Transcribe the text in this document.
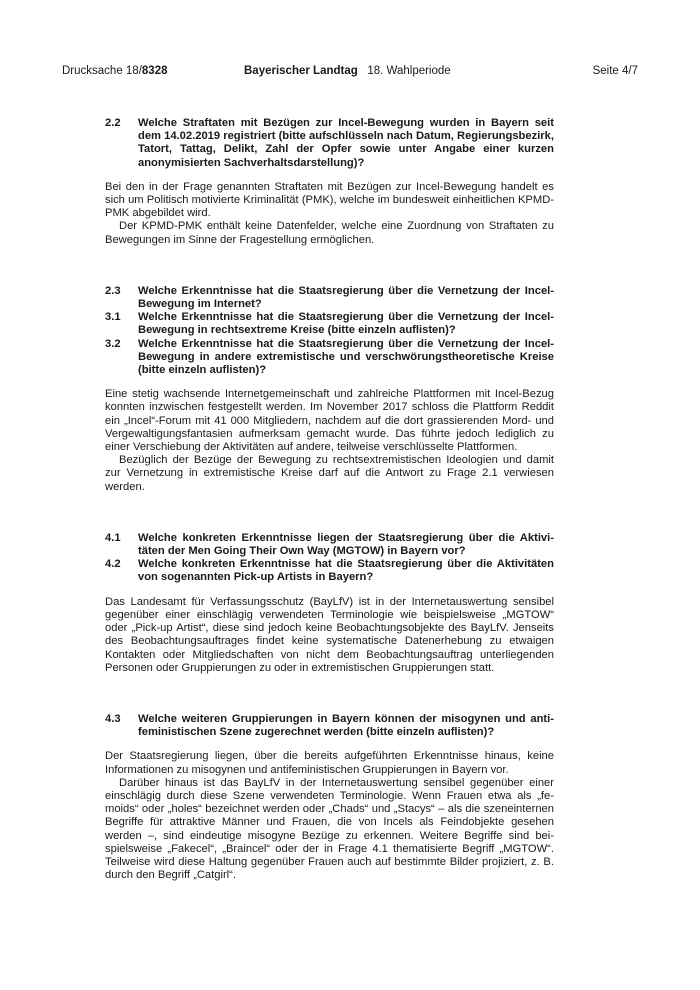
Drucksache 18/8328	Bayerischer Landtag 18. Wahlperiode	Seite 4/7
2.2	Welche Straftaten mit Bezügen zur Incel-Bewegung wurden in Bayern seit dem 14.02.2019 registriert (bitte aufschlüsseln nach Datum, Regierungsbezirk, Tatort, Tattag, Delikt, Zahl der Opfer sowie unter Angabe einer kurzen anonymisierten Sachverhaltsdarstellung)?

Bei den in der Frage genannten Straftaten mit Bezügen zur Incel-Bewegung handelt es sich um Politisch motivierte Kriminalität (PMK), welche im bundesweit einheitlichen KPMD-PMK abgebildet wird.

Der KPMD-PMK enthält keine Datenfelder, welche eine Zuordnung von Straftaten zu Bewegungen im Sinne der Fragestellung ermöglichen.

2.3	Welche Erkenntnisse hat die Staatsregierung über die Vernetzung der Incel-Bewegung im Internet?
3.1	Welche Erkenntnisse hat die Staatsregierung über die Vernetzung der Incel-Bewegung in rechtsextreme Kreise (bitte einzeln auflisten)?
3.2	Welche Erkenntnisse hat die Staatsregierung über die Vernetzung der Incel-Bewegung in andere extremistische und verschwörungstheoretische Kreise (bitte einzeln auflisten)?

Eine stetig wachsende Internetgemeinschaft und zahlreiche Plattformen mit Incel-Bezug konnten inzwischen festgestellt werden. Im November 2017 schloss die Plattform Reddit ein „Incel“-Forum mit 41 000 Mitgliedern, nachdem auf die dort grassierenden Mord- und Vergewaltigungsfantasien aufmerksam gemacht wurde. Das führte jedoch lediglich zu einer Verschiebung der Aktivitäten auf andere, teilweise verschlüsselte Plattformen.

Bezüglich der Bezüge der Bewegung zu rechtsextremistischen Ideologien und damit zur Vernetzung in extremistische Kreise darf auf die Antwort zu Frage 2.1 verwiesen werden.

4.1	Welche konkreten Erkenntnisse liegen der Staatsregierung über die Aktivitäten der Men Going Their Own Way (MGTOW) in Bayern vor?
4.2	Welche konkreten Erkenntnisse hat die Staatsregierung über die Aktivitäten von sogenannten Pick-up Artists in Bayern?

Das Landesamt für Verfassungsschutz (BayLfV) ist in der Internetauswertung sensibel gegenüber einer einschlägig verwendeten Terminologie wie beispielsweise „MGTOW“ oder „Pick-up Artist“, diese sind jedoch keine Beobachtungsobjekte des BayLfV. Jenseits des Beobachtungsauftrages findet keine systematische Datenerhebung zu etwaigen Kontakten oder Mitgliedschaften von nicht dem Beobachtungsauftrag unterliegenden Personen oder Gruppierungen zu oder in extremistischen Gruppierungen statt.

4.3	Welche weiteren Gruppierungen in Bayern können der misogynen und antifeministischen Szene zugerechnet werden (bitte einzeln auflisten)?

Der Staatsregierung liegen, über die bereits aufgeführten Erkenntnisse hinaus, keine Informationen zu misogynen und antifeministischen Gruppierungen in Bayern vor.

Darüber hinaus ist das BayLfV in der Internetauswertung sensibel gegenüber einer einschlägig durch diese Szene verwendeten Terminologie. Wenn Frauen etwa als „femoids“ oder „holes“ bezeichnet werden oder „Chads“ und „Stacys“ – als die szeneinternen Begriffe für attraktive Männer und Frauen, die von Incels als Feindobjekte gesehen werden –, sind eindeutige misogyne Bezüge zu erkennen. Weitere Begriffe sind beispielsweise „Fakecel“, „Braincel“ oder der in Frage 4.1 thematisierte Begriff „MGTOW“. Teilweise wird diese Haltung gegenüber Frauen auch auf bestimmte Bilder projiziert, z. B. durch den Begriff „Catgirl“.
